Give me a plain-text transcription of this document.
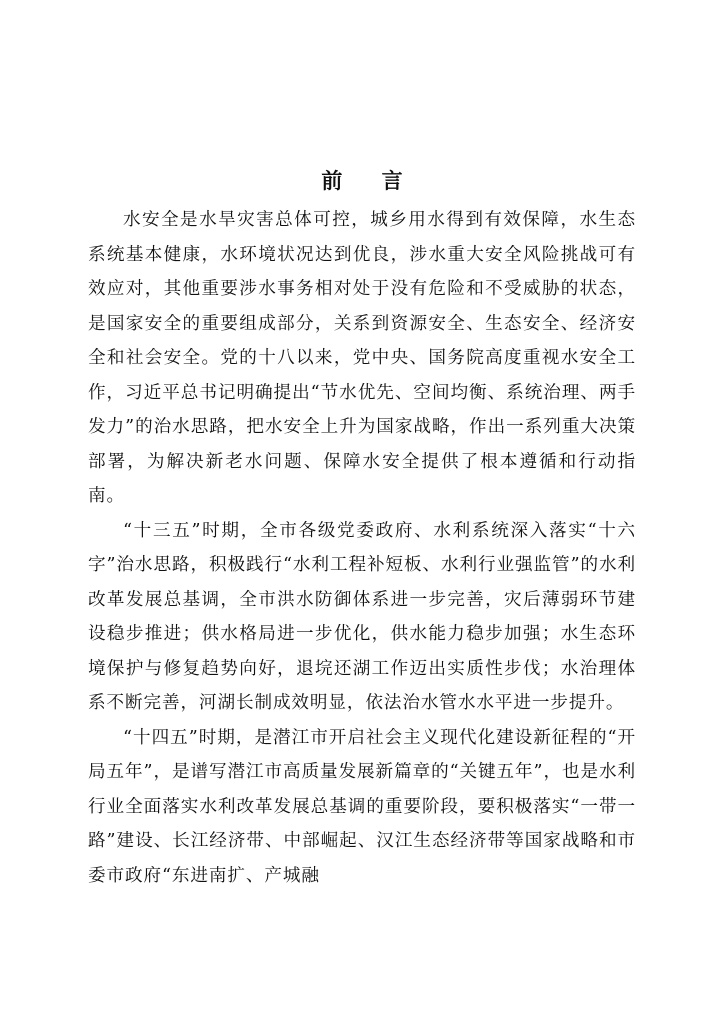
前 言

水安全是水旱灾害总体可控，城乡用水得到有效保障，水生态系统基本健康，水环境状况达到优良，涉水重大安全风险挑战可有效应对，其他重要涉水事务相对处于没有危险和不受威胁的状态，是国家安全的重要组成部分，关系到资源安全、生态安全、经济安全和社会安全。党的十八以来，党中央、国务院高度重视水安全工作，习近平总书记明确提出“节水优先、空间均衡、系统治理、两手发力”的治水思路，把水安全上升为国家战略，作出一系列重大决策部署，为解决新老水问题、保障水安全提供了根本遵循和行动指南。

“十三五”时期，全市各级党委政府、水利系统深入落实“十六字”治水思路，积极践行“水利工程补短板、水利行业强监管”的水利改革发展总基调，全市洪水防御体系进一步完善，灾后薄弱环节建设稳步推进；供水格局进一步优化，供水能力稳步加强；水生态环境保护与修复趋势向好，退垸还湖工作迈出实质性步伐；水治理体系不断完善，河湖长制成效明显，依法治水管水水平进一步提升。

“十四五”时期，是潜江市开启社会主义现代化建设新征程的“开局五年”，是谱写潜江市高质量发展新篇章的“关键五年”，也是水利行业全面落实水利改革发展总基调的重要阶段，要积极落实“一带一路”建设、长江经济带、中部崛起、汉江生态经济带等国家战略和市委市政府“东进南扩、产城融
